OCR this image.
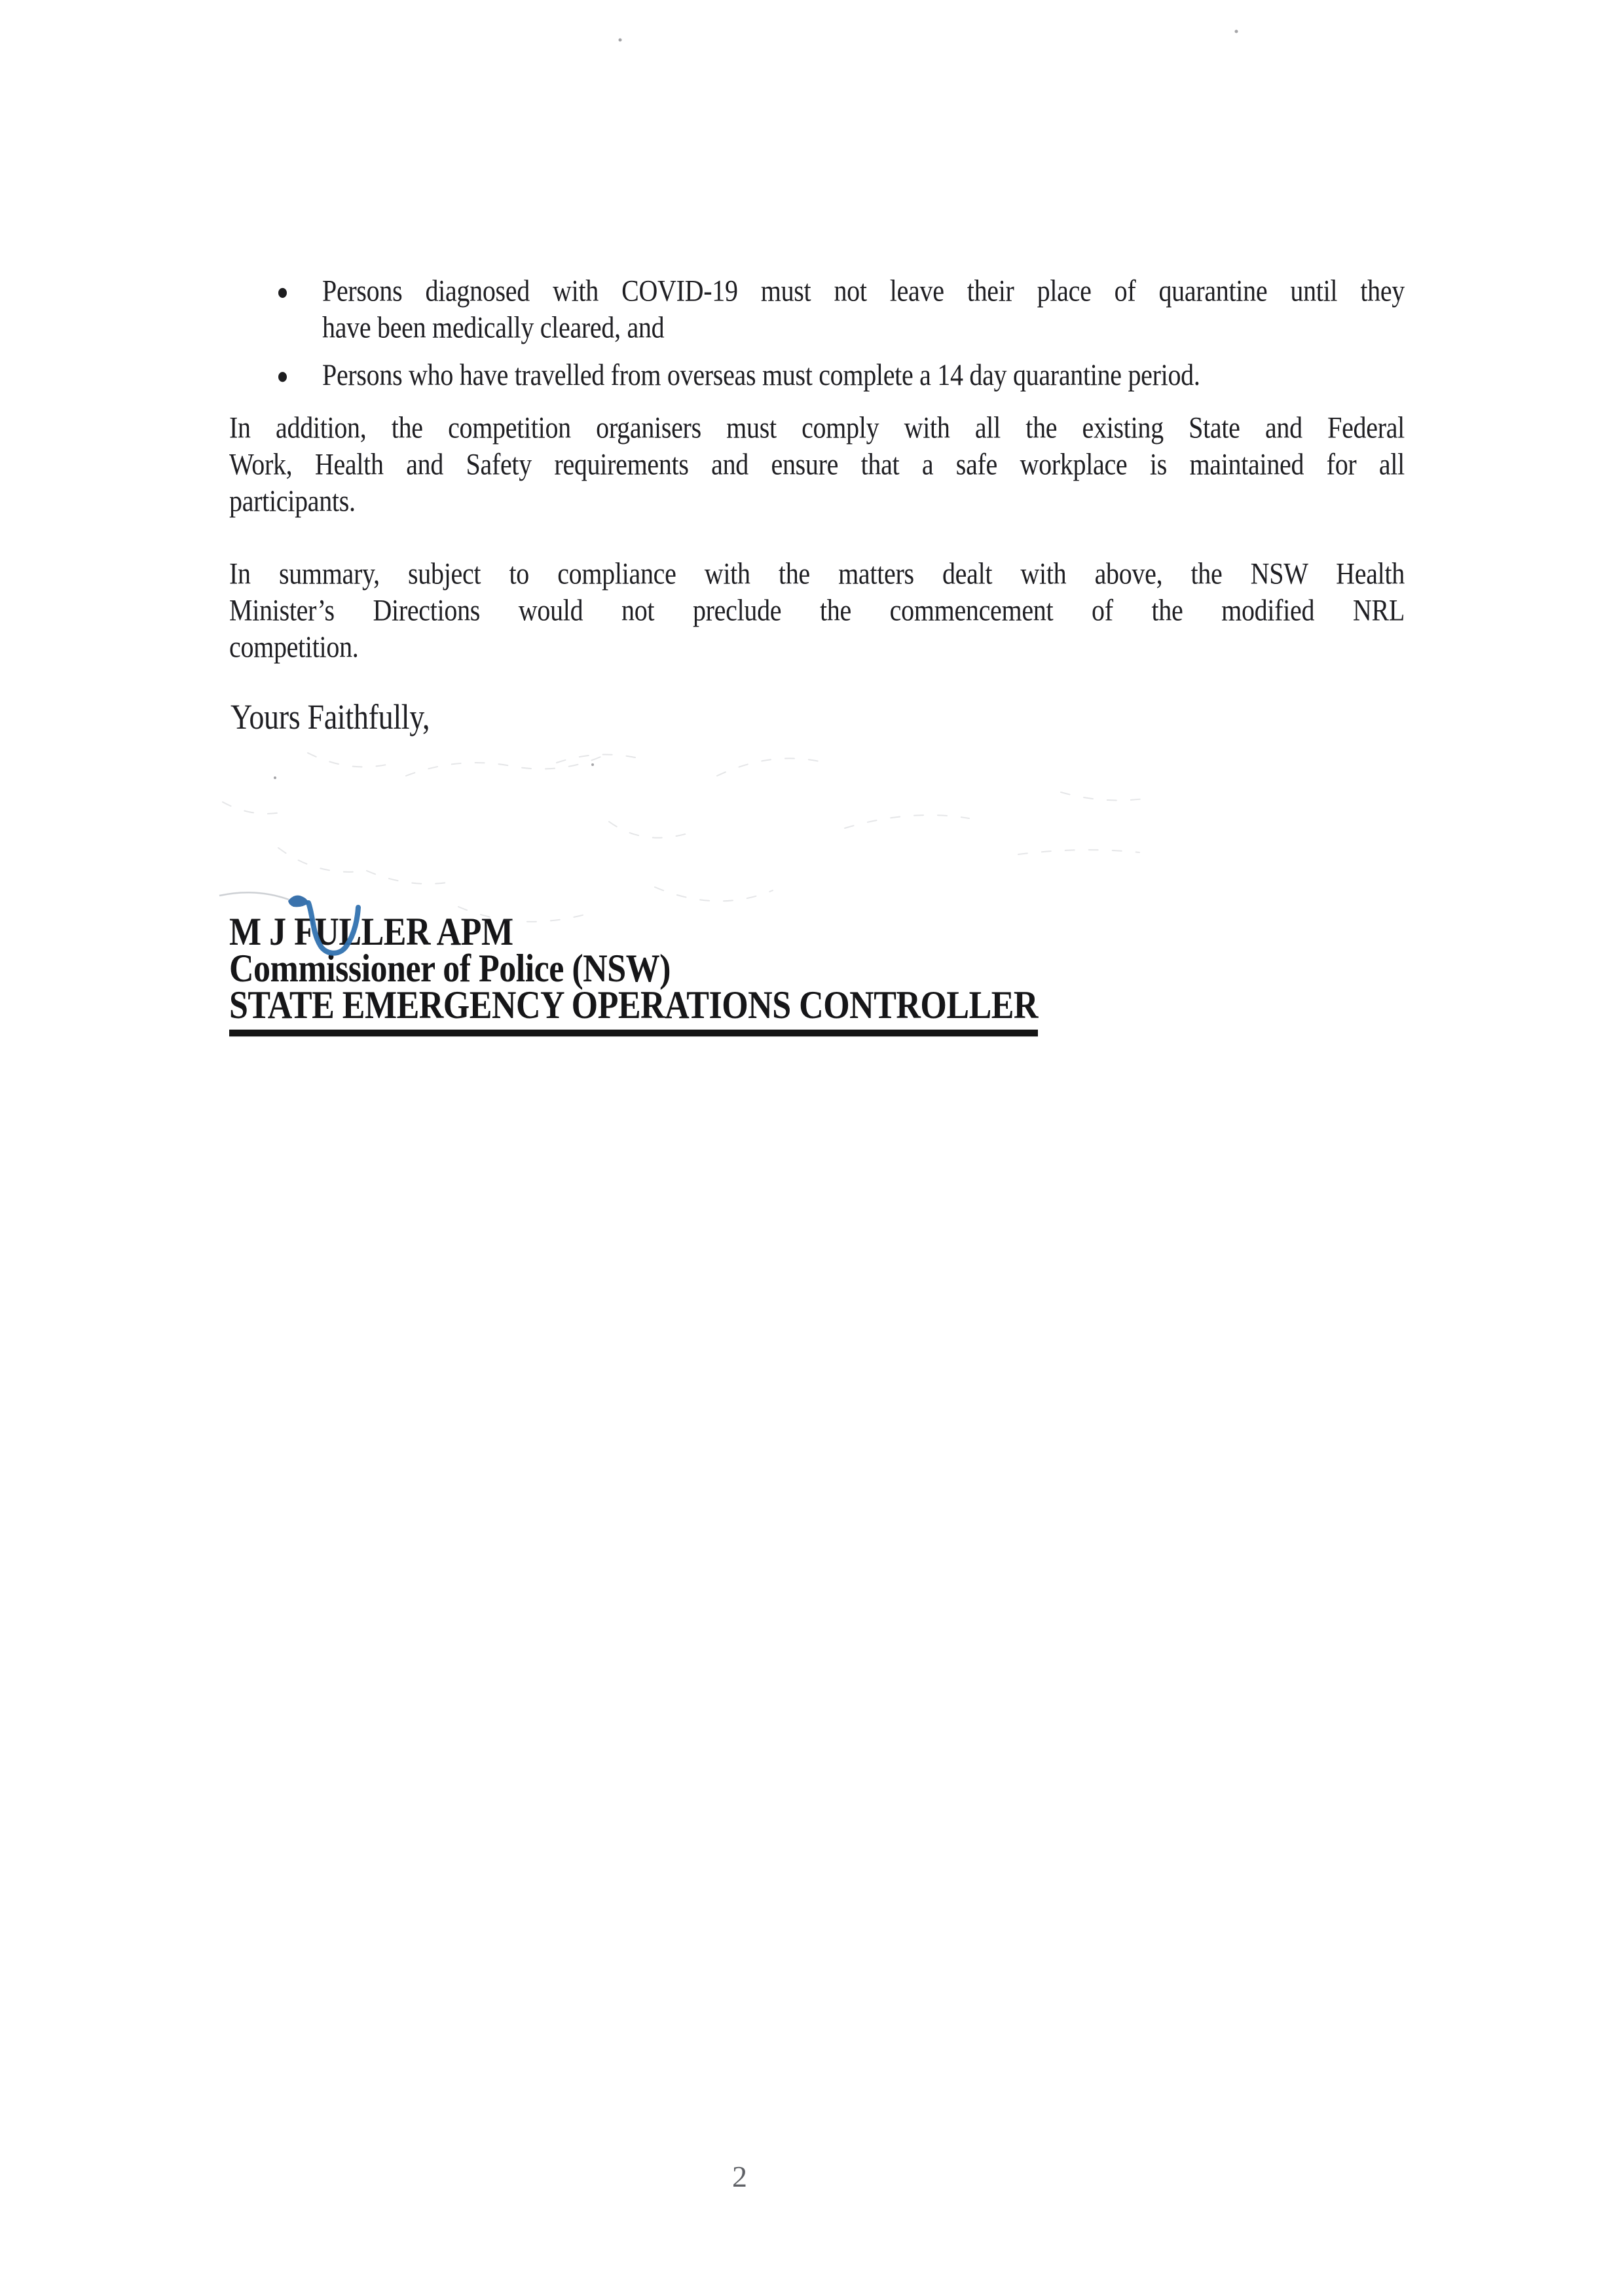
Persons diagnosed with COVID-19 must not leave their place of quarantine until they
have been medically cleared, and
Persons who have travelled from overseas must complete a 14 day quarantine period.
In addition, the competition organisers must comply with all the existing State and Federal
Work, Health and Safety requirements and ensure that a safe workplace is maintained for all
participants.
In summary, subject to compliance with the matters dealt with above, the NSW Health
Minister’s Directions would not preclude the commencement of the modified NRL
competition.
Yours Faithfully,
M J FULLER APM
Commissioner of Police (NSW)
STATE EMERGENCY OPERATIONS CONTROLLER
2
